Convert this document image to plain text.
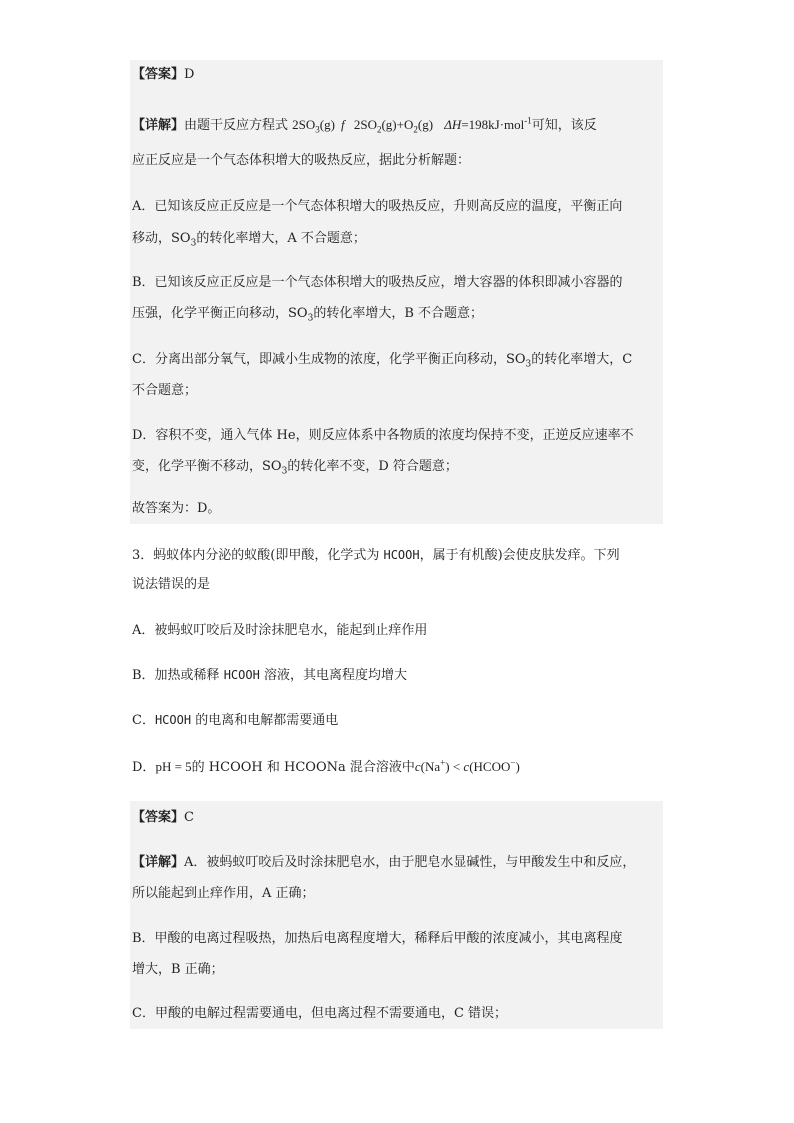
【答案】D
【详解】由题干反应方程式 $2SO_3(g)$ f $2SO_2(g)+O_2(g)$ ΔH=198kJ·mol$^{-1}$可知，该反
应正反应是一个气态体积增大的吸热反应，据此分析解题：
A．已知该反应正反应是一个气态体积增大的吸热反应，升则高反应的温度，平衡正向
移动，$SO_3$的转化率增大，A 不合题意；
B．已知该反应正反应是一个气态体积增大的吸热反应，增大容器的体积即减小容器的
压强，化学平衡正向移动，$SO_3$的转化率增大，B 不合题意；
C．分离出部分氧气，即减小生成物的浓度，化学平衡正向移动，$SO_3$的转化率增大，C
不合题意；
D．容积不变，通入气体 He，则反应体系中各物质的浓度均保持不变，正逆反应速率不
变，化学平衡不移动，$SO_3$的转化率不变，D 符合题意；
故答案为：D。
3．蚂蚁体内分泌的蚁酸(即甲酸，化学式为 HCOOH，属于有机酸)会使皮肤发痒。下列
说法错误的是
A．被蚂蚁叮咬后及时涂抹肥皂水，能起到止痒作用
B．加热或稀释 HCOOH 溶液，其电离程度均增大
C．HCOOH 的电离和电解都需要通电
D．pH = 5的 HCOOH 和 HCOONa 混合溶液中c(Na+) < c(HCOO−)
【答案】C
【详解】A．被蚂蚁叮咬后及时涂抹肥皂水，由于肥皂水显碱性，与甲酸发生中和反应，
所以能起到止痒作用，A 正确；
B．甲酸的电离过程吸热，加热后电离程度增大，稀释后甲酸的浓度减小，其电离程度
增大，B 正确；
C．甲酸的电解过程需要通电，但电离过程不需要通电，C 错误；
